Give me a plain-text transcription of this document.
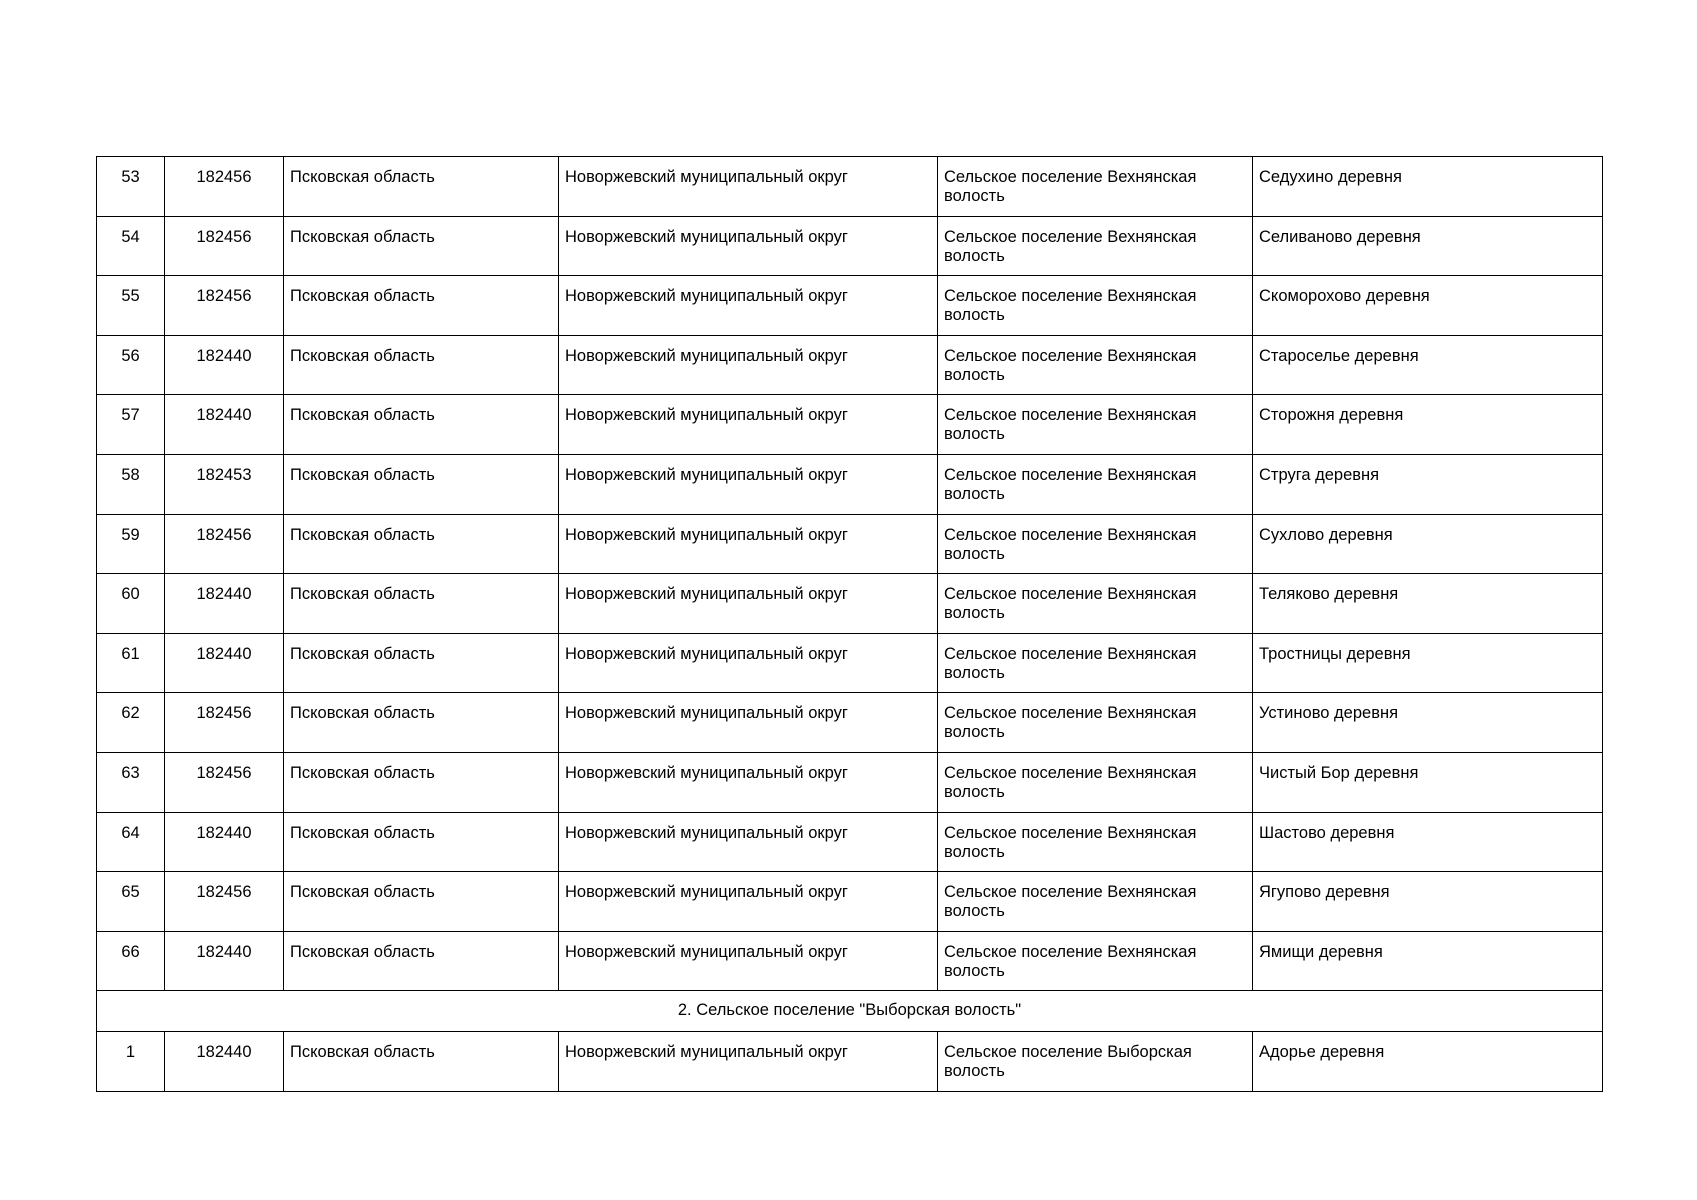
53	182456	Псковская область	Новоржевский муниципальный округ	Сельское поселение Вехнянская волость	Седухино деревня
54	182456	Псковская область	Новоржевский муниципальный округ	Сельское поселение Вехнянская волость	Селиваново деревня
55	182456	Псковская область	Новоржевский муниципальный округ	Сельское поселение Вехнянская волость	Скоморохово деревня
56	182440	Псковская область	Новоржевский муниципальный округ	Сельское поселение Вехнянская волость	Староселье деревня
57	182440	Псковская область	Новоржевский муниципальный округ	Сельское поселение Вехнянская волость	Сторожня деревня
58	182453	Псковская область	Новоржевский муниципальный округ	Сельское поселение Вехнянская волость	Струга деревня
59	182456	Псковская область	Новоржевский муниципальный округ	Сельское поселение Вехнянская волость	Сухлово деревня
60	182440	Псковская область	Новоржевский муниципальный округ	Сельское поселение Вехнянская волость	Теляково деревня
61	182440	Псковская область	Новоржевский муниципальный округ	Сельское поселение Вехнянская волость	Тростницы деревня
62	182456	Псковская область	Новоржевский муниципальный округ	Сельское поселение Вехнянская волость	Устиново деревня
63	182456	Псковская область	Новоржевский муниципальный округ	Сельское поселение Вехнянская волость	Чистый Бор деревня
64	182440	Псковская область	Новоржевский муниципальный округ	Сельское поселение Вехнянская волость	Шастово деревня
65	182456	Псковская область	Новоржевский муниципальный округ	Сельское поселение Вехнянская волость	Ягупово деревня
66	182440	Псковская область	Новоржевский муниципальный округ	Сельское поселение Вехнянская волость	Ямищи деревня
2. Сельское поселение "Выборская волость"					
1	182440	Псковская область	Новоржевский муниципальный округ	Сельское поселение Выборская волость	Адорье деревня
